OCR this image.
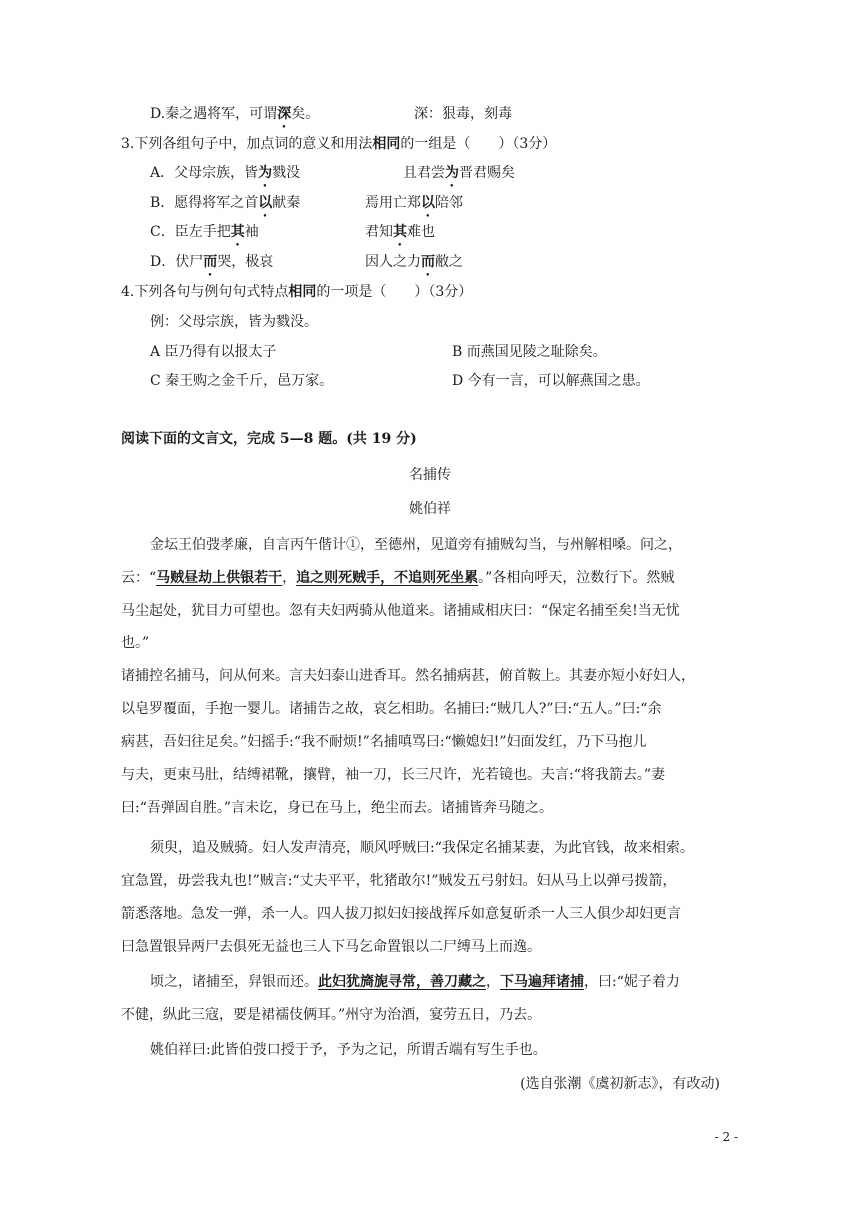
D.秦之遇将军，可谓深矣。	深：狠毒，刻毒
3.下列各组句子中，加点词的意义和用法相同的一组是（　　）（3分）
A．父母宗族，皆为戮没	且君尝为晋君赐矣
B．愿得将军之首以献秦	焉用亡郑以陪邻
C．臣左手把其袖	君知其难也
D．伏尸而哭，极哀	因人之力而敝之
4.下列各句与例句句式特点相同的一项是（　　）（3分）
例：父母宗族，皆为戮没。
A 臣乃得有以报太子	B 而燕国见陵之耻除矣。
C 秦王购之金千斤，邑万家。	D 今有一言，可以解燕国之患。
阅读下面的文言文，完成 5—8 题。(共 19 分)
名捕传
姚伯祥
金坛王伯弢孝廉，自言丙午偕计①，至德州，见道旁有捕贼勾当，与州解相嗓。问之，
云：“马贼昼劫上供银若干，追之则死贼手，不追则死坐累。”各相向呼天，泣数行下。然贼
马尘起处，犹目力可望也。忽有夫妇两骑从他道来。诸捕咸相庆曰：“保定名捕至矣!当无忧
也。”
诸捕控名捕马，问从何来。言夫妇泰山进香耳。然名捕病甚，俯首鞍上。其妻亦短小好妇人，
以皂罗覆面，手抱一婴儿。诸捕告之故，哀乞相助。名捕曰:“贼几人?”曰:“五人。”曰:“余
病甚，吾妇往足矣。”妇摇手:“我不耐烦!”名捕嗔骂曰:“懒媳妇!”妇面发红，乃下马抱儿
与夫，更束马肚，结缚裙靴，攘臂，袖一刀，长三尺许，光若镜也。夫言:“将我箭去。”妻
曰:“吾弹固自胜。”言未讫，身已在马上，绝尘而去。诸捕皆奔马随之。
须臾，追及贼骑。妇人发声清亮，顺风呼贼曰:“我保定名捕某妻，为此官钱，故来相索。
宜急置，毋尝我丸也!”贼言:“丈夫平平，牝猪敢尔!”贼发五弓射妇。妇从马上以弹弓拨箭，
箭悉落地。急发一弹，杀一人。四人拔刀拟妇妇接战挥斥如意复斫杀一人三人俱少却妇更言
曰急置银异两尸去俱死无益也三人下马乞命置银以二尸缚马上而逸。
顷之，诸捕至，舁银而还。此妇犹旖旎寻常，善刀藏之，下马遍拜诸捕，曰:“妮子着力
不健，纵此三寇，要是裙襦伎俩耳。”州守为治酒，宴劳五日，乃去。
姚伯祥曰:此皆伯弢口授于予，予为之记，所谓舌端有写生手也。
(选自张潮《虞初新志》，有改动)
- 2 -
